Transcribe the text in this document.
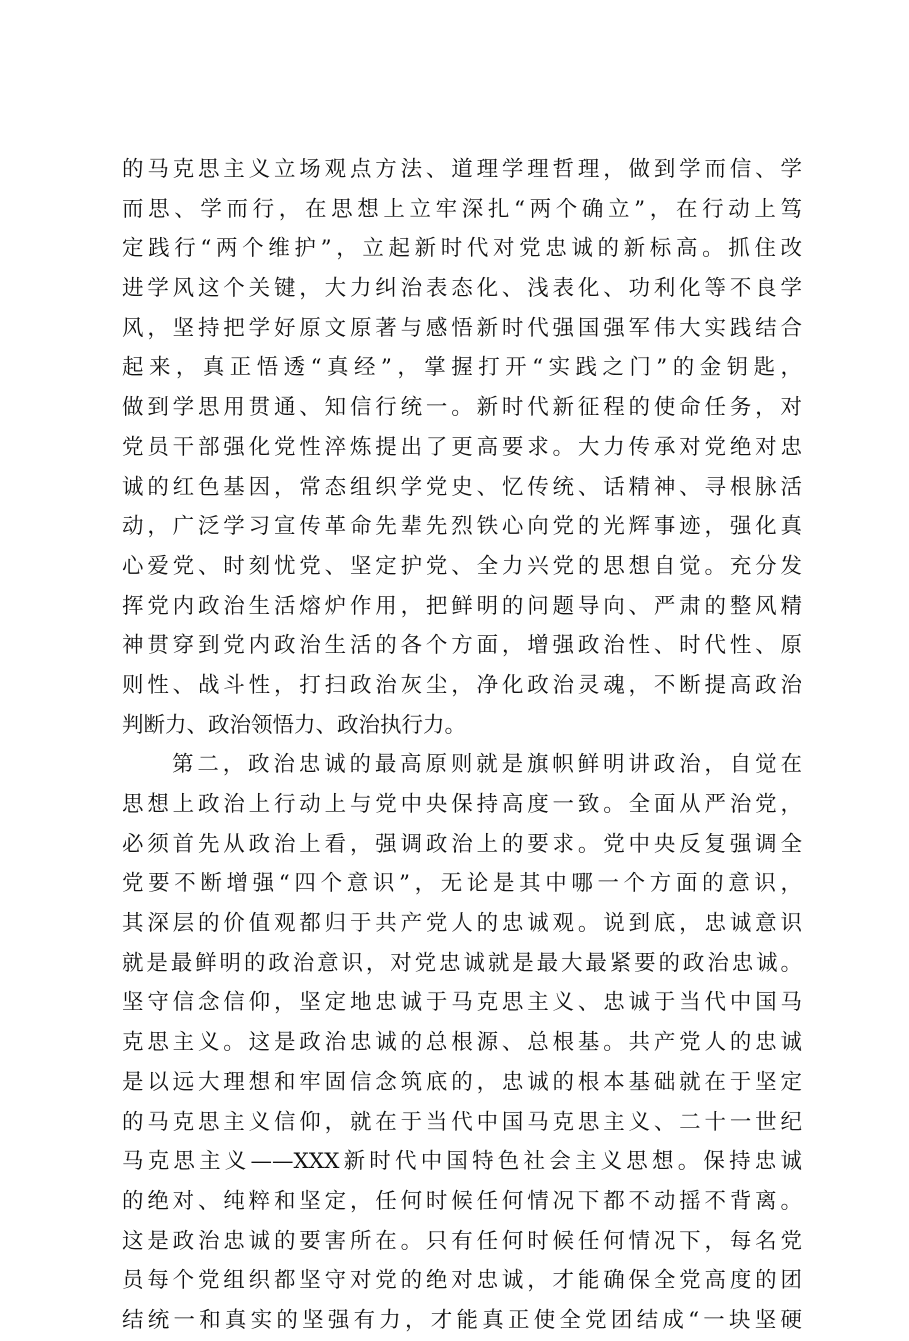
的马克思主义立场观点方法、道理学理哲理，做到学而信、学
而思、学而行，在思想上立牢深扎“两个确立”，在行动上笃
定践行“两个维护”，立起新时代对党忠诚的新标高。抓住改
进学风这个关键，大力纠治表态化、浅表化、功利化等不良学
风，坚持把学好原文原著与感悟新时代强国强军伟大实践结合
起来，真正悟透“真经”，掌握打开“实践之门”的金钥匙，
做到学思用贯通、知信行统一。新时代新征程的使命任务，对
党员干部强化党性淬炼提出了更高要求。大力传承对党绝对忠
诚的红色基因，常态组织学党史、忆传统、话精神、寻根脉活
动，广泛学习宣传革命先辈先烈铁心向党的光辉事迹，强化真
心爱党、时刻忧党、坚定护党、全力兴党的思想自觉。充分发
挥党内政治生活熔炉作用，把鲜明的问题导向、严肃的整风精
神贯穿到党内政治生活的各个方面，增强政治性、时代性、原
则性、战斗性，打扫政治灰尘，净化政治灵魂，不断提高政治
判断力、政治领悟力、政治执行力。
第二，政治忠诚的最高原则就是旗帜鲜明讲政治，自觉在
思想上政治上行动上与党中央保持高度一致。全面从严治党，
必须首先从政治上看，强调政治上的要求。党中央反复强调全
党要不断增强“四个意识”，无论是其中哪一个方面的意识，
其深层的价值观都归于共产党人的忠诚观。说到底，忠诚意识
就是最鲜明的政治意识，对党忠诚就是最大最紧要的政治忠诚。
坚守信念信仰，坚定地忠诚于马克思主义、忠诚于当代中国马
克思主义。这是政治忠诚的总根源、总根基。共产党人的忠诚
是以远大理想和牢固信念筑底的，忠诚的根本基础就在于坚定
的马克思主义信仰，就在于当代中国马克思主义、二十一世纪
马克思主义——XXX新时代中国特色社会主义思想。保持忠诚
的绝对、纯粹和坚定，任何时候任何情况下都不动摇不背离。
这是政治忠诚的要害所在。只有任何时候任何情况下，每名党
员每个党组织都坚守对党的绝对忠诚，才能确保全党高度的团
结统一和真实的坚强有力，才能真正使全党团结成“一块坚硬
